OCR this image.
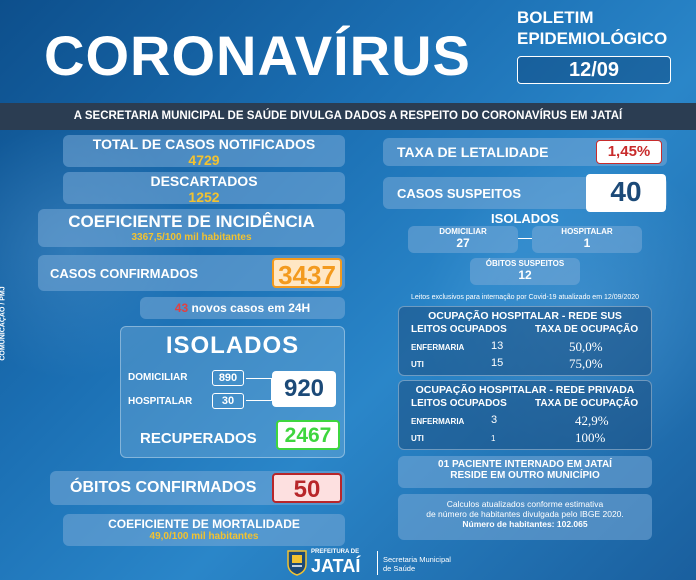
CORONAVÍRUS
BOLETIM
EPIDEMIOLÓGICO
12/09
A SECRETARIA MUNICIPAL DE SAÚDE DIVULGA DADOS A RESPEITO DO CORONAVÍRUS EM JATAÍ
COMUNICAÇÃO / PMJ
TOTAL DE CASOS NOTIFICADOS
4729
DESCARTADOS
1252
COEFICIENTE DE INCIDÊNCIA
3367,5/100 mil habitantes
CASOS CONFIRMADOS	3437
43 novos casos em 24H
ISOLADOS
DOMICILIAR	890
HOSPITALAR	30	920
RECUPERADOS	2467
ÓBITOS CONFIRMADOS	50
COEFICIENTE DE MORTALIDADE
49,0/100 mil habitantes
TAXA DE LETALIDADE	1,45%
CASOS SUSPEITOS	40
ISOLADOS
DOMICILIAR
27
HOSPITALAR
1
ÓBITOS SUSPEITOS
12
Leitos exclusivos para internação por Covid-19 atualizado em 12/09/2020
OCUPAÇÃO HOSPITALAR - REDE SUS
LEITOS OCUPADOS	TAXA DE OCUPAÇÃO
ENFERMARIA 13	50,0%
UTI	15	75,0%
OCUPAÇÃO HOSPITALAR - REDE PRIVADA
LEITOS OCUPADOS	TAXA DE OCUPAÇÃO
ENFERMARIA 3	42,9%
UTI	1	100%
01 PACIENTE INTERNADO EM JATAÍ
RESIDE EM OUTRO MUNICÍPIO
Calculos atualizados conforme estimativa
de número de habitantes divulgada pelo IBGE 2020.
Número de habitantes: 102.065
PREFEITURA DE
JATAÍ	Secretaria Municipal
de Saúde
